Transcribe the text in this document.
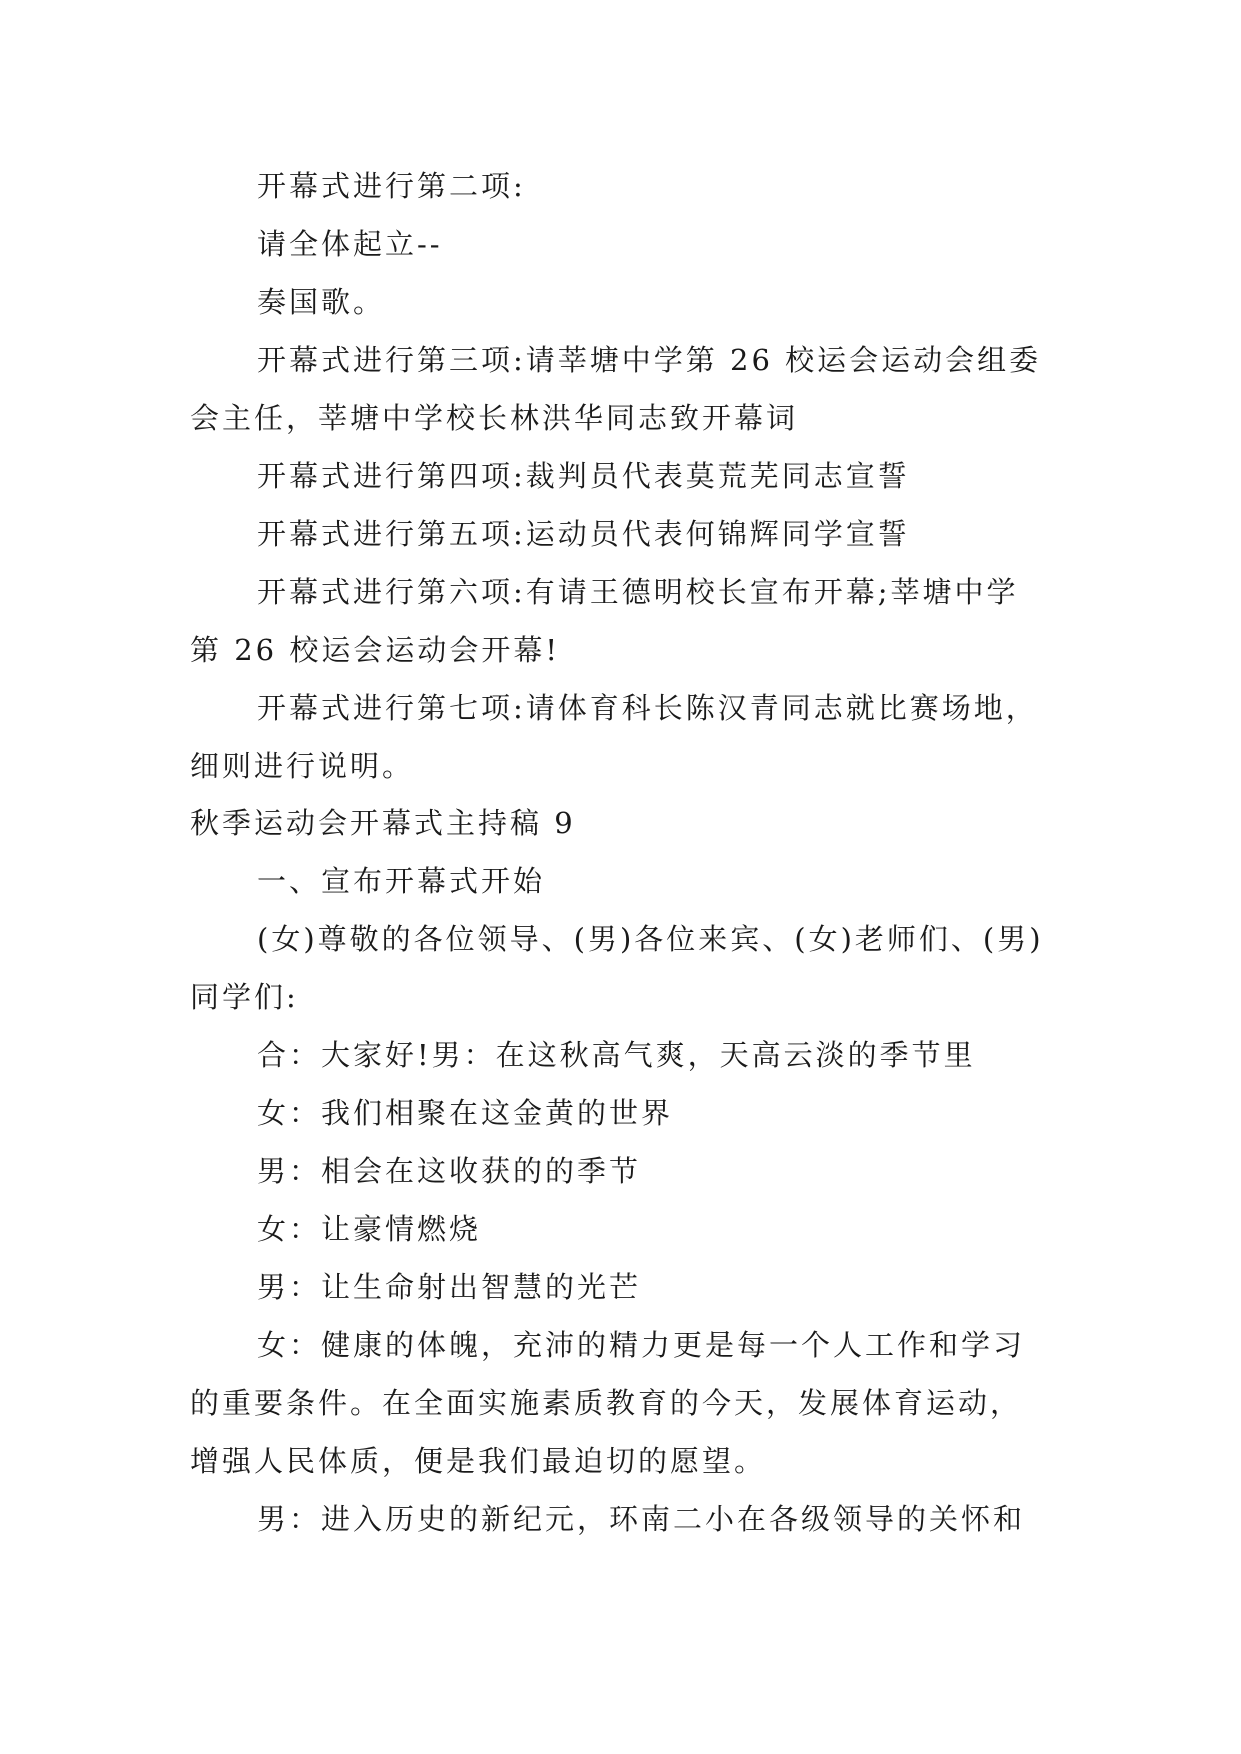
开幕式进行第二项:
请全体起立--
奏国歌。
开幕式进行第三项:请莘塘中学第 26 校运会运动会组委
会主任，莘塘中学校长林洪华同志致开幕词
开幕式进行第四项:裁判员代表莫荒芜同志宣誓
开幕式进行第五项:运动员代表何锦辉同学宣誓
开幕式进行第六项:有请王德明校长宣布开幕;莘塘中学
第 26 校运会运动会开幕!
开幕式进行第七项:请体育科长陈汉青同志就比赛场地，
细则进行说明。
秋季运动会开幕式主持稿 9
一、宣布开幕式开始
(女)尊敬的各位领导、(男)各位来宾、(女)老师们、(男)
同学们:
合：大家好!男：在这秋高气爽，天高云淡的季节里
女：我们相聚在这金黄的世界
男：相会在这收获的的季节
女：让豪情燃烧
男：让生命射出智慧的光芒
女：健康的体魄，充沛的精力更是每一个人工作和学习
的重要条件。在全面实施素质教育的今天，发展体育运动，
增强人民体质，便是我们最迫切的愿望。
男：进入历史的新纪元，环南二小在各级领导的关怀和
